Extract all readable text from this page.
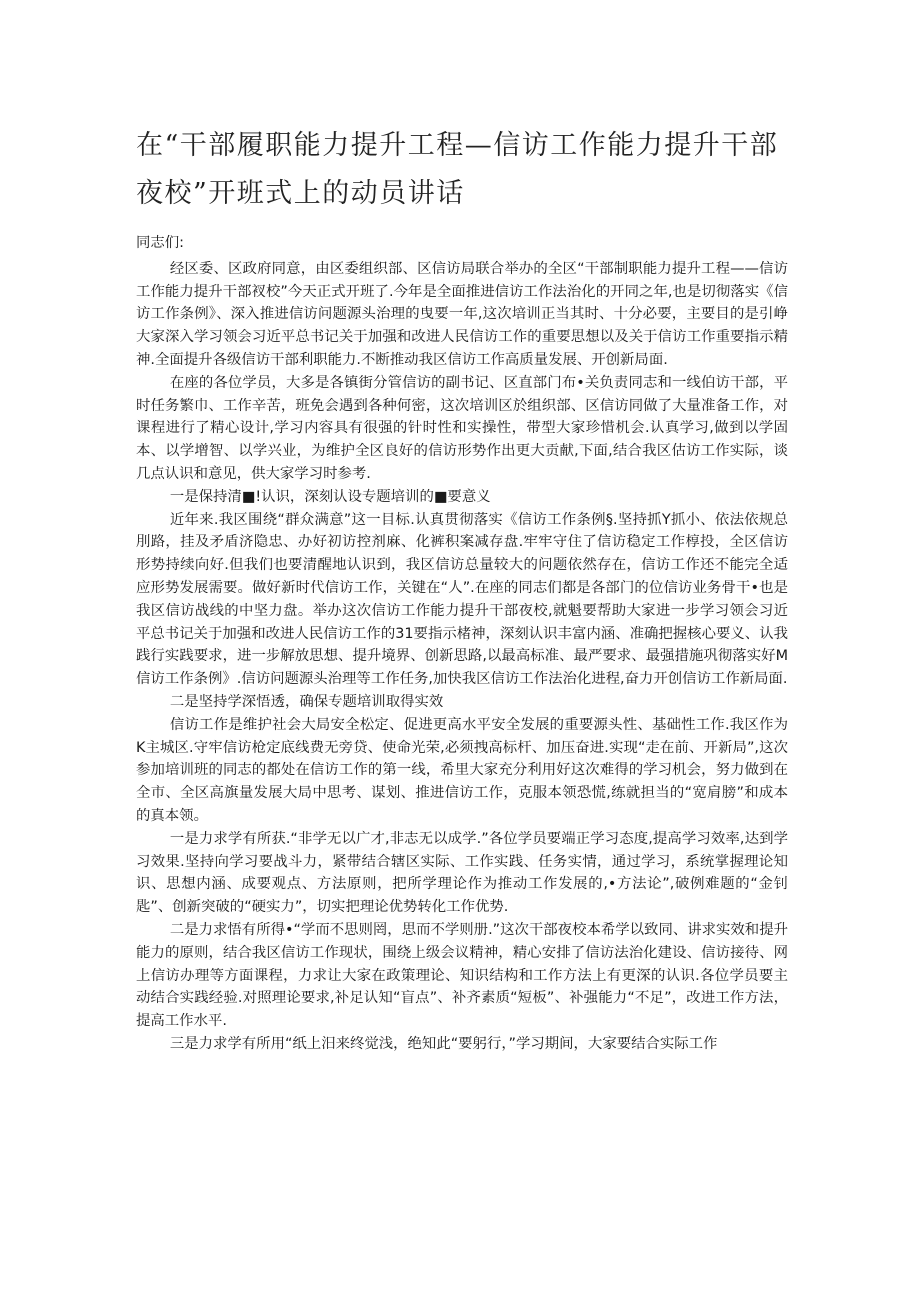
在“干部履职能力提升工程—信访工作能力提升干部
夜校”开班式上的动员讲话

同志们:

经区委、区政府同意，由区委组织部、区信访局联合举办的全区“干部制职能力提升工程——信访工作能力提升干部衩校”今天正式开班了.今年是全面推进信访工作法治化的开同之年,也是切彻落实《信访工作条例》、深入推进信访问题源头治理的曳要一年,这次培训正当其时、十分必要，主要目的是引峥大家深入学习领会习近平总书记关于加强和改进人民信访工作的重要思想以及关于信访工作重要指示精神.全面提升各级信访干部利职能力.不断推动我区信访工作高质量发展、开创新局面.

在座的各位学员，大多是各镇街分管信访的副书记、区直部门布•关负责同志和一线伯访干部，平时任务繁巾、工作辛苦，班免会遇到各种何密，这次培训区於组织部、区信访同做了大量准备工作，对课程进行了精心设计,学习内容具有很强的针时性和实操性，带型大家珍惜机会.认真学习,做到以学固本、以学增智、以学兴业，为维护全区良好的信访形势作出更大贡献,下面,结合我区估访工作实际，谈几点认识和意见，供大家学习时参考.

一是保持清■!认识，深刻认设专题培训的■要意义

近年来.我区围绕“群众满意”这一目标.认真贯彻落实《信访工作条例§.坚持抓Y抓小、依法依规总刖路，挂及矛盾济隐忠、办好初访控剂麻、化裤积案减存盘.牢牢守住了信访稳定工作椁投，全区信访形势持续向好.但我们也要清醒地认识到，我区信访总量较大的问题依然存在，信访工作还不能完全适应形势发展需要。做好新时代信访工作，关键在“人”.在座的同志们都是各部门的位信访业务骨干•也是我区信访战线的中坚力盘。举办这次信访工作能力提升干部夜校,就魁要帮助大家进一步学习领会习近平总书记关于加强和改进人民信访工作的31要指示楮神，深刻认识丰富内涵、准确把握核心要义、认我践行实践要求，进一步解放思想、提升境界、创新思路,以最高标准、最严要求、最强措施巩彻落实好M信访工作条例》.信访问题源头治理等工作任务,加快我区信访工作法治化进程,奋力开创信访工作新局面.

二是坚持学深悟透，确保专题培训取得实效

信访工作是维护社会大局安全松定、促进更高水平安全发展的重要源头性、基础性工作.我区作为K主城区.守牢信访枪定底线费无旁贷、使命光荣,必须拽高标杆、加压奋进.实现“走在前、开新局”,这次参加培训班的同志的都处在信访工作的第一线，希里大家充分利用好这次难得的学习机会，努力做到在全市、全区高旗量发展大局中思考、谋划、推进信访工作，克服本领恐慌,练就担当的“宽肩膀”和成本的真本领。

一是力求学有所获.“非学无以广才,非志无以成学.”各位学员要端正学习态度,提高学习效率,达到学习效果.坚持向学习要战斗力，紧带结合辖区实际、工作实践、任务实情，通过学习，系统掌握理论知识、思想内涵、成要观点、方法原则，把所学理论作为推动工作发展的,•方法论”,破例难题的“金钊匙”、创新突破的“硬实力”，切实把理论优势转化工作优势.

二是力求悟有所得•“学而不思则罔，思而不学则册.”这次干部夜校本希学以致同、讲求实效和提升能力的原则，结合我区信访工作现状，围绕上级会议精神，精心安排了信访法治化建设、信访接待、网上信访办理等方面课程，力求让大家在政策理论、知识结构和工作方法上有更深的认识.各位学员要主动结合实践经验.对照理论要求,补足认知“盲点”、补齐素质“短板”、补强能力“不足”，改进工作方法，提高工作水平.

三是力求学有所用“纸上汨来终觉浅，绝知此“要躬行，”学习期间，大家要结合实际工作
